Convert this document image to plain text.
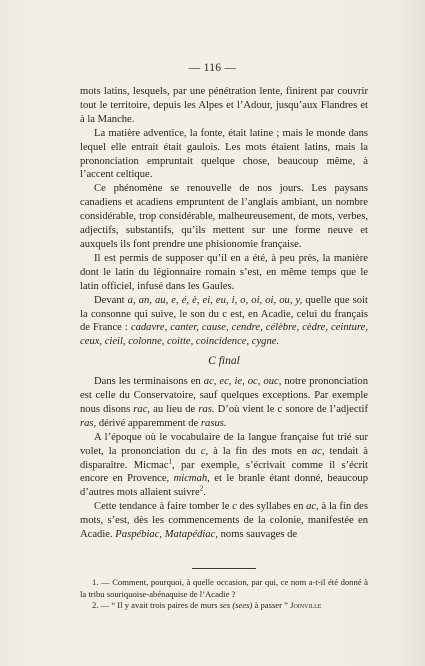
— 116 —

mots latins, lesquels, par une pénétration lente, finirent par couvrir tout le territoire, depuis les Alpes et l’Adour, jusqu’aux Flandres et à la Manche.

La matière adventice, la fonte, était latine ; mais le monde dans lequel elle entrait était gaulois. Les mots étaient latins, mais la prononciation empruntait quelque chose, beaucoup même, à l’accent celtique.

Ce phénomène se renouvelle de nos jours. Les paysans canadiens et acadiens empruntent de l’anglais ambiant, un nombre considérable, trop considérable, malheureusement, de mots, verbes, adjectifs, substantifs, qu’ils mettent sur une forme neuve et auxquels ils font prendre une phisionomie française.

Il est permis de supposer qu’il en a été, à peu près, la manière dont le latin du légionnaire romain s’est, en même temps que le latin officiel, infusé dans les Gaules.

Devant a, an, au, e, é, è, ei, eu, i, o, oi, oi, ou, y, quelle que soit la consonne qui suive, le son du c est, en Acadie, celui du français de France : cadavre, canter, cause, cendre, célèbre, cèdre, ceinture, ceux, cieil, colonne, coitte, coincidence, cygne.

C final

Dans les terminaisons en ac, ec, ie, oc, ouc, notre prononciation est celle du Conservatoire, sauf quelques exceptions. Par exemple nous disons rac, au lieu de ras. D’où vient le c sonore de l’adjectif ras, dérivé apparemment de rasus.

A l’époque où le vocabulaire de la langue française fut trié sur volet, la prononciation du c, à la fin des mots en ac, tendait à disparaître. Micmac$^1$, par exemple, s’écrivait comme il s’écrit encore en Provence, micmah, et le branle étant donné, beaucoup d’autres mots allaient suivre$^2$.

Cette tendance à faire tomber le c des syllabes en ac, à la fin des mots, s’est, dès les commencements de la colonie, manifestée en Acadie. Paspébiac, Matapédiac, noms sauvages de

1. — Comment, pourquoi, à quelle occasion, par qui, ce nom a-t-il été donné à la tribu souriquoise-abénaquise de l’Acadie ?

2. — “ Il y avait trois paires de murs ses (sees) à passer ” Joinville
